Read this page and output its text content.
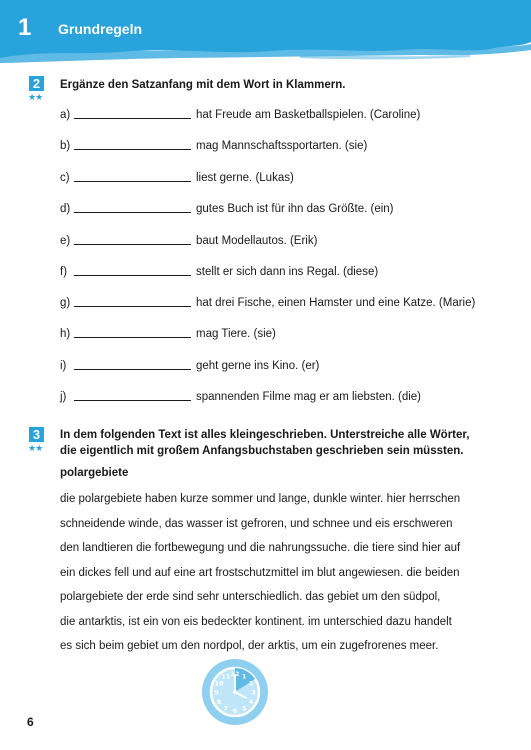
1 Grundregeln
2
★★
Ergänze den Satzanfang mit dem Wort in Klammern.
a)	hat Freude am Basketballspielen. (Caroline)
b)	mag Mannschaftssportarten. (sie)
c)	liest gerne. (Lukas)
d)	gutes Buch ist für ihn das Größte. (ein)
e)	baut Modellautos. (Erik)
f)	stellt er sich dann ins Regal. (diese)
g)	hat drei Fische, einen Hamster und eine Katze. (Marie)
h)	mag Tiere. (sie)
i)	geht gerne ins Kino. (er)
j)	spannenden Filme mag er am liebsten. (die)
3
★★
In dem folgenden Text ist alles kleingeschrieben. Unterstreiche alle Wörter,
die eigentlich mit großem Anfangsbuchstaben geschrieben sein müssten.
polargebiete
die polargebiete haben kurze sommer und lange, dunkle winter. hier herrschen
schneidende winde, das wasser ist gefroren, und schnee und eis erschweren
den landtieren die fortbewegung und die nahrungssuche. die tiere sind hier auf
ein dickes fell und auf eine art frostschutzmittel im blut angewiesen. die beiden
polargebiete der erde sind sehr unterschiedlich. das gebiet um den südpol,
die antarktis, ist ein von eis bedeckter kontinent. im unterschied dazu handelt
es sich beim gebiet um den nordpol, der arktis, um ein zugefrorenes meer.
12 1
2
3
4
5
6
7
8
9
10
11
6
